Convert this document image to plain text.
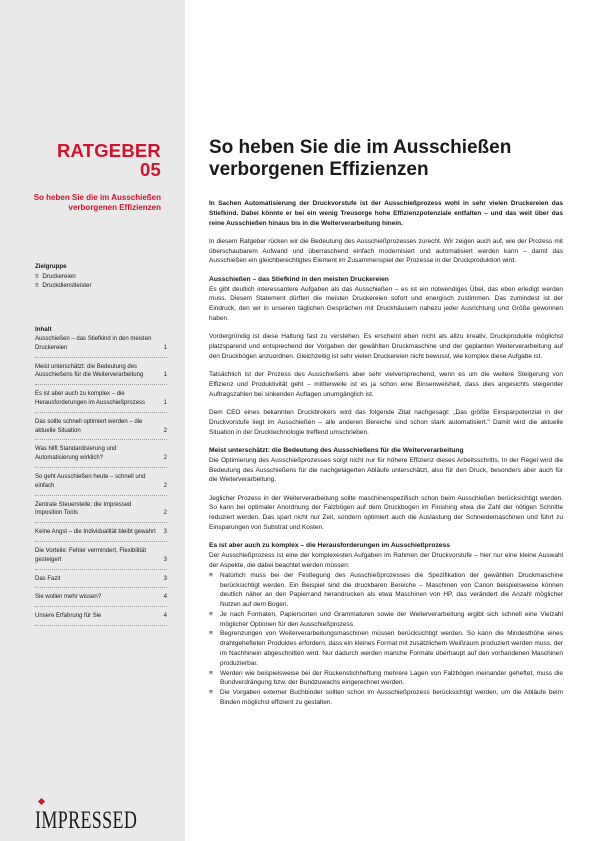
RATGEBER
05
So heben Sie die im Ausschießen verborgenen Effizienzen
Zielgruppe
≡ Druckereien
≡ Druckdienstleister
Inhalt
Ausschießen – das Stiefkind in den meisten Druckereien	1
Meist unterschätzt: die Bedeutung des Ausschießens für die Weiterverarbeitung	1
Es ist aber auch zu komplex – die Herausforderungen im Ausschießprozess	1
Das sollte schnell optimiert werden – die aktuelle Situation	2
Was hilft Standardisierung und Automatisierung wirklich?	2
So geht Ausschießen heute – schnell und einfach	2
Zentrale Steuerstelle: die Impressed Imposition Tools	2
Keine Angst – die Individualität bleibt gewahrt 3
Die Vorteile: Fehler vermindert, Flexibilität gesteigert	3
Das Fazit	3
Sie wollen mehr wissen?	4
Unsere Erfahrung für Sie	4
IMPRESSED
So heben Sie die im Ausschießen verborgenen Effizienzen

In Sachen Automatisierung der Druckvorstufe ist der Ausschießprozess wohl in sehr vielen Druckereien das Stiefkind. Dabei könnte er bei ein wenig Treusorge hohe Effizienzpotenziale entfalten – und das weit über das reine Ausschießen hinaus bis in die Weiterverarbeitung hinein.

In diesem Ratgeber rücken wir die Bedeutung des Ausschießprozesses zurecht. Wir zeigen auch auf, wie der Prozess mit überschaubarem Aufwand und überraschend einfach modernisiert und automatisiert werden kann – damit das Ausschießen ein gleichberechtigtes Element im Zusammenspiel der Prozesse in der Druckproduktion wird.

Ausschießen – das Stiefkind in den meisten Druckereien

Es gibt deutlich interessantere Aufgaben als das Ausschießen – es ist ein notwendiges Übel, das eben erledigt werden muss. Diesem Statement dürften die meisten Druckereien sofort und energisch zustimmen. Das zumindest ist der Eindruck, den wir in unseren täglichen Gesprächen mit Druckhäusern nahezu jeder Ausrichtung und Größe gewonnen haben.

Vordergründig ist diese Haltung fast zu verstehen. Es erscheint eben nicht als allzu kreativ, Druckprodukte möglichst platzsparend und entsprechend der Vorgaben der gewählten Druckmaschine und der geplanten Weiterverarbeitung auf den Druckbögen anzuordnen. Gleichzeitig ist sehr vielen Druckereien nicht bewusst, wie komplex diese Aufgabe ist.

Tatsächlich ist der Prozess des Ausschießens aber sehr vielversprechend, wenn es um die weitere Steigerung von Effizienz und Produktivität geht – mittlerweile ist es ja schon eine Binsenweisheit, dass dies angesichts steigender Auftragszahlen bei sinkenden Auflagen unumgänglich ist.

Dem CEO eines bekannten Druckbrokers wird das folgende Zitat nachgesagt: „Das größte Einsparpotenzial in der Druckvorstufe liegt im Ausschießen – alle anderen Bereiche sind schon stark automatisiert." Damit wird die aktuelle Situation in der Drucktechnologie treffend umschrieben.

Meist unterschätzt: die Bedeutung des Ausschießens für die Weiterverarbeitung

Die Optimierung des Ausschießprozesses sorgt nicht nur für höhere Effizienz dieses Arbeitsschritts. In der Regel wird die Bedeutung des Ausschießens für die nachgelagerten Abläufe unterschätzt, also für den Druck, besonders aber auch für die Weiterverarbeitung.

Jeglicher Prozess in der Weiterverarbeitung sollte maschinenspezifisch schon beim Ausschießen berücksichtigt werden. So kann bei optimaler Anordnung der Falzbögen auf dem Druckbogen im Finishing etwa die Zahl der nötigen Schnitte reduziert werden. Das spart nicht nur Zeit, sondern optimiert auch die Auslastung der Schneidemaschinen und führt zu Einsparungen von Substrat und Kosten.

Es ist aber auch zu komplex – die Herausforderungen im Ausschießprozess

Der Ausschießprozess ist eine der komplexesten Aufgaben im Rahmen der Druckvorstufe – hier nur eine kleine Auswahl der Aspekte, die dabei beachtet werden müssen:

≡ Natürlich muss bei der Festlegung des Ausschießprozesses die Spezifikation der gewählten Druckmaschine berücksichtigt werden. Ein Beispiel sind die druckbaren Bereiche – Maschinen von Canon beispielsweise können deutlich näher an den Papierrand herandrucken als etwa Maschinen von HP, das verändert die Anzahl möglicher Nutzen auf dem Bogen.
≡ Je nach Formaten, Papiersorten und Grammaturen sowie der Weiterverarbeitung ergibt sich schnell eine Vielzahl möglicher Optionen für den Ausschießprozess.
≡ Begrenzungen von Weiterverarbeitungsmaschinen müssen berücksichtigt werden. So kann die Mindesthöhe eines drahtgehefteten Produktes erfordern, dass ein kleines Format mit zusätzlichem Weißraum produziert werden muss, der im Nachhinein abgeschnitten wird. Nur dadurch werden manche Formate überhaupt auf den vorhandenen Maschinen produzierbar.
≡ Werden wie beispielsweise bei der Rückenstichheftung mehrere Lagen von Falzbögen ineinander geheftet, muss die Bundverdrängung bzw. der Bundzuwachs eingerechnet werden.
≡ Die Vorgaben externer Buchbinder sollten schon im Ausschießprozess berücksichtigt werden, um die Abläufe beim Binden möglichst effizient zu gestalten.
